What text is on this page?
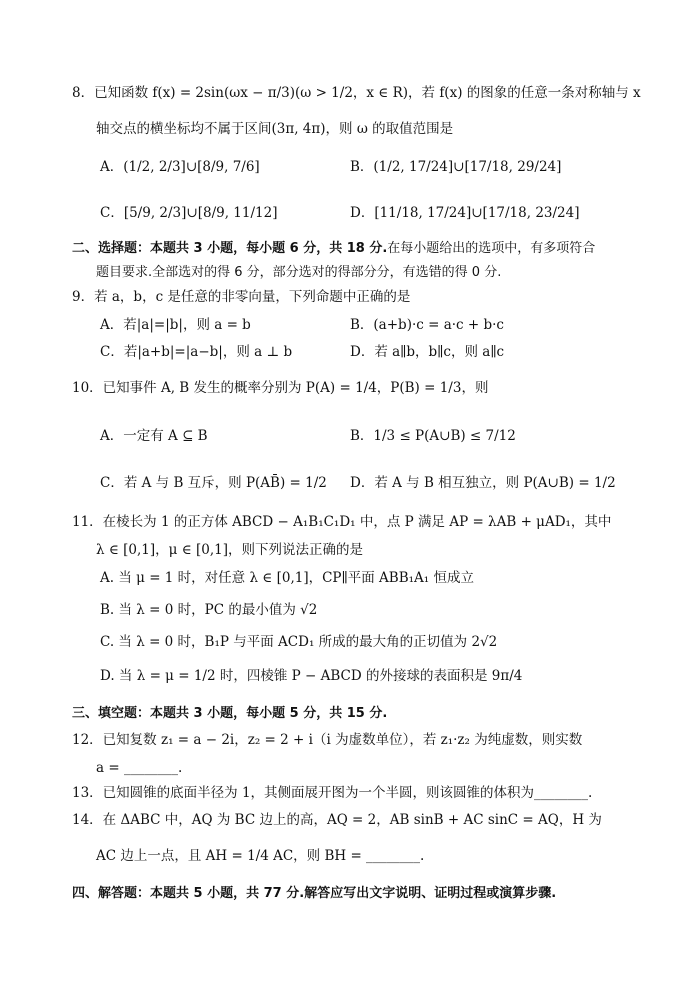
8．已知函数 f(x) = 2sin(ωx − π/3)(ω > 1/2，x ∈ R)，若 f(x) 的图象的任意一条对称轴与 x
轴交点的横坐标均不属于区间(3π, 4π)，则 ω 的取值范围是
A．(1/2, 2/3]∪[8/9, 7/6]	B．(1/2, 17/24]∪[17/18, 29/24]
C．[5/9, 2/3]∪[8/9, 11/12]	D．[11/18, 17/24]∪[17/18, 23/24]
二、选择题：本题共 3 小题，每小题 6 分，共 18 分.在每小题给出的选项中，有多项符合
题目要求.全部选对的得 6 分，部分选对的得部分分，有选错的得 0 分.
9．若 a，b，c 是任意的非零向量，下列命题中正确的是
A．若|a|=|b|，则 a = b	B．(a+b)·c = a·c + b·c
C．若|a+b|=|a−b|，则 a ⊥ b	D．若 a∥b，b∥c，则 a∥c
10．已知事件 A, B 发生的概率分别为 P(A) = 1/4，P(B) = 1/3，则
A．一定有 A ⊆ B	B．1/3 ≤ P(A∪B) ≤ 7/12
C．若 A 与 B 互斥，则 P(AB̄) = 1/2 D．若 A 与 B 相互独立，则 P(A∪B) = 1/2
11．在棱长为 1 的正方体 ABCD − A₁B₁C₁D₁ 中，点 P 满足 AP = λAB + μAD₁，其中
λ ∈ [0,1]，μ ∈ [0,1]，则下列说法正确的是
A. 当 μ = 1 时，对任意 λ ∈ [0,1]，CP∥平面 ABB₁A₁ 恒成立
B. 当 λ = 0 时，PC 的最小值为 √2
C. 当 λ = 0 时，B₁P 与平面 ACD₁ 所成的最大角的正切值为 2√2
D. 当 λ = μ = 1/2 时，四棱锥 P − ABCD 的外接球的表面积是 9π/4
三、填空题：本题共 3 小题，每小题 5 分，共 15 分.
12．已知复数 z₁ = a − 2i，z₂ = 2 + i（i 为虚数单位），若 z₁·z₂ 为纯虚数，则实数
a = ________.
13．已知圆锥的底面半径为 1，其侧面展开图为一个半圆，则该圆锥的体积为________.
14．在 ΔABC 中，AQ 为 BC 边上的高，AQ = 2，AB sinB + AC sinC = AQ，H 为
AC 边上一点，且 AH = 1/4 AC，则 BH = ________.
四、解答题：本题共 5 小题，共 77 分.解答应写出文字说明、证明过程或演算步骤.
